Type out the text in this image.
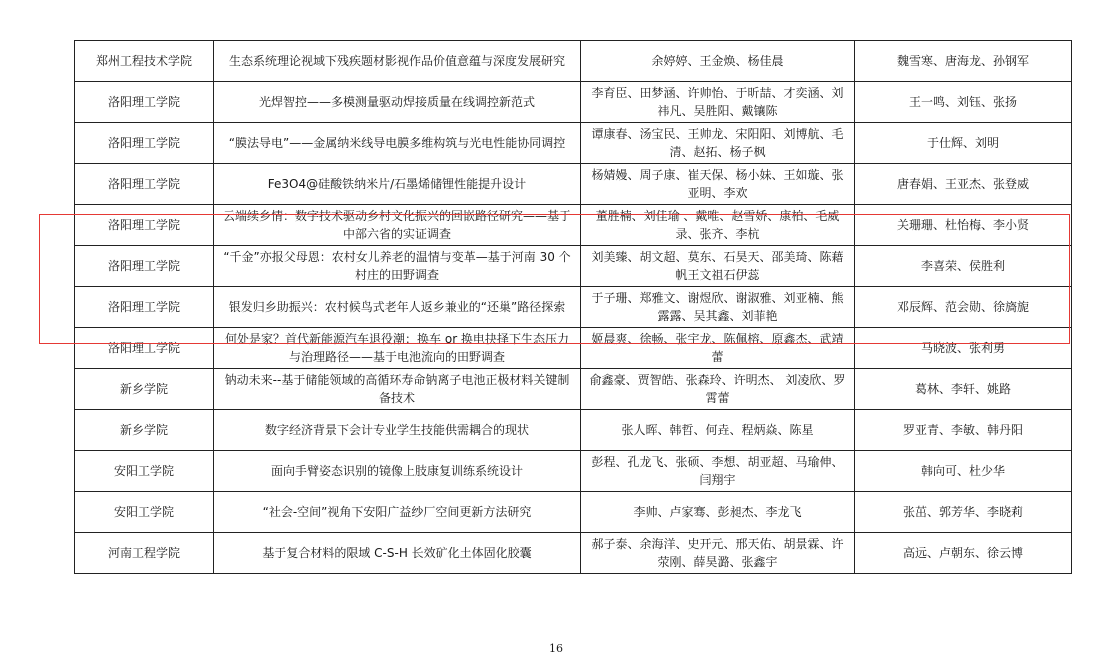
郑州工程技术学院	生态系统理论视域下残疾题材影视作品价值意蕴与深度发展研究	余婷婷、王金焕、杨佳晨	魏雪寒、唐海龙、孙钢军
洛阳理工学院	光焊智控——多模测量驱动焊接质量在线调控新范式	李育臣、田梦涵、许帅怡、于昕喆、才奕涵、刘祎凡、吴胜阳、戴镶陈	王一鸣、刘钰、张扬
洛阳理工学院	“膜法导电”——金属纳米线导电膜多维构筑与光电性能协同调控	谭康春、汤宝民、王帅龙、宋阳阳、刘博航、毛清、赵拓、杨子枫	于仕辉、刘明
洛阳理工学院	Fe3O4@硅酸铁纳米片/石墨烯储锂性能提升设计	杨婧嫚、周子康、崔天保、杨小妹、王如璇、张亚明、李欢	唐春娟、王亚杰、张登威
洛阳理工学院	云端续乡情：数字技术驱动乡村文化振兴的回嵌路径研究——基于中部六省的实证调查	董胜楠、刘佳瑜 、戴唯、赵雪娇、康柏、毛威录、张齐、李杭	关珊珊、杜怡梅、李小贤
洛阳理工学院	“千金”亦报父母恩：农村女儿养老的温情与变革—基于河南 30 个村庄的田野调查	刘美臻、胡文超、莫东、石昊天、邵美琦、陈藉帆王文祖石伊蕊	李喜荣、侯胜利
洛阳理工学院	银发归乡助振兴：农村候鸟式老年人返乡兼业的“还巢”路径探索	于子珊、郑雅文、谢煜欣、谢淑雅、刘亚楠、熊露露、吴其鑫、刘菲艳	邓辰辉、范会勋、徐旖旎
洛阳理工学院	何处是家？首代新能源汽车退役潮：换车 or 换电抉择下生态压力与治理路径——基于电池流向的田野调查	姬晨爽、徐畅、张宇龙、陈佩榕、原鑫杰、武靖蕾	马晓波、张利勇
新乡学院	钠动未来--基于储能领域的高循环寿命钠离子电池正极材料关键制备技术	俞鑫豪、贾智皓、张森玲、许明杰、 刘凌欣、罗霄蕾	葛林、李轩、姚路
新乡学院	数字经济背景下会计专业学生技能供需耦合的现状	张人晖、韩哲、何垚、程炳焱、陈星	罗亚青、李敏、韩丹阳
安阳工学院	面向手臂姿态识别的镜像上肢康复训练系统设计	彭程、孔龙飞、张硕、李想、胡亚超、马瑜伸、闫翔宇	韩向可、杜少华
安阳工学院	“社会-空间”视角下安阳广益纱厂空间更新方法研究	李帅、卢家骞、彭昶杰、李龙飞	张茁、郭芳华、李晓莉
河南工程学院	基于复合材料的限域 C-S-H 长效矿化土体固化胶囊	郝子泰、余海洋、史开元、邢天佑、胡景霖、许荥刚、薛昊潞、张鑫宇	高远、卢朝东、徐云博
16
